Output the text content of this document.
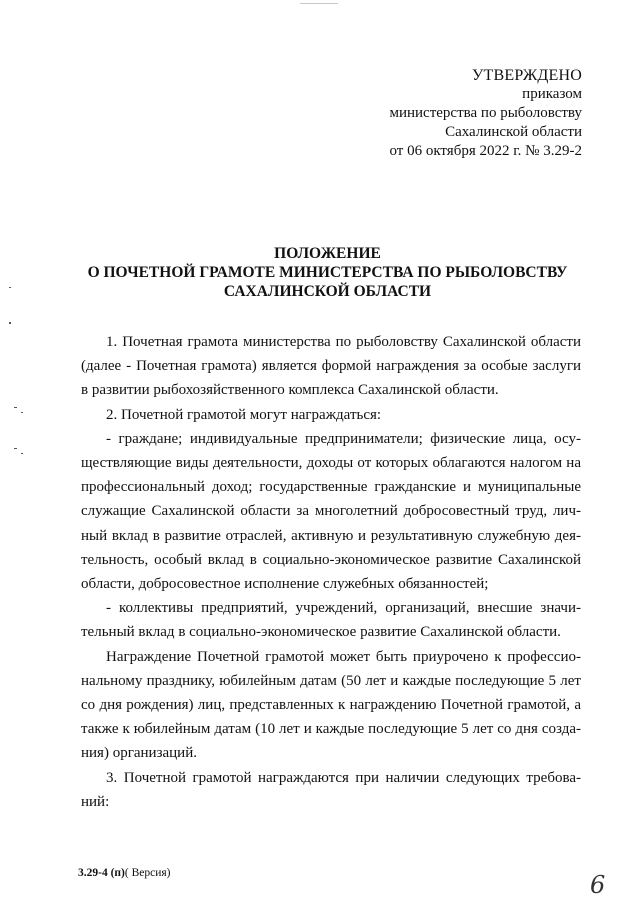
УТВЕРЖДЕНО
приказом
министерства по рыболовству
Сахалинской области
от 06 октября 2022 г. № 3.29-2
ПОЛОЖЕНИЕ
О ПОЧЕТНОЙ ГРАМОТЕ МИНИСТЕРСТВА ПО РЫБОЛОВСТВУ
САХАЛИНСКОЙ ОБЛАСТИ

1. Почетная грамота министерства по рыболовству Сахалинской области (далее - Почетная грамота) является формой награждения за особые заслуги в развитии рыбохозяйственного комплекса Сахалинской области.

2. Почетной грамотой могут награждаться:

- граждане; индивидуальные предприниматели; физические лица, осуществляющие виды деятельности, доходы от которых облагаются налогом на профессиональный доход; государственные гражданские и муниципальные служащие Сахалинской области за многолетний добросовестный труд, личный вклад в развитие отраслей, активную и результативную служебную деятельность, особый вклад в социально-экономическое развитие Сахалинской области, добросовестное исполнение служебных обязанностей;

- коллективы предприятий, учреждений, организаций, внесшие значительный вклад в социально-экономическое развитие Сахалинской области.

Награждение Почетной грамотой может быть приурочено к профессиональному празднику, юбилейным датам (50 лет и каждые последующие 5 лет со дня рождения) лиц, представленных к награждению Почетной грамотой, а также к юбилейным датам (10 лет и каждые последующие 5 лет со дня создания) организаций.

3. Почетной грамотой награждаются при наличии следующих требований:

3.29-4 (п)( Версия)	6
